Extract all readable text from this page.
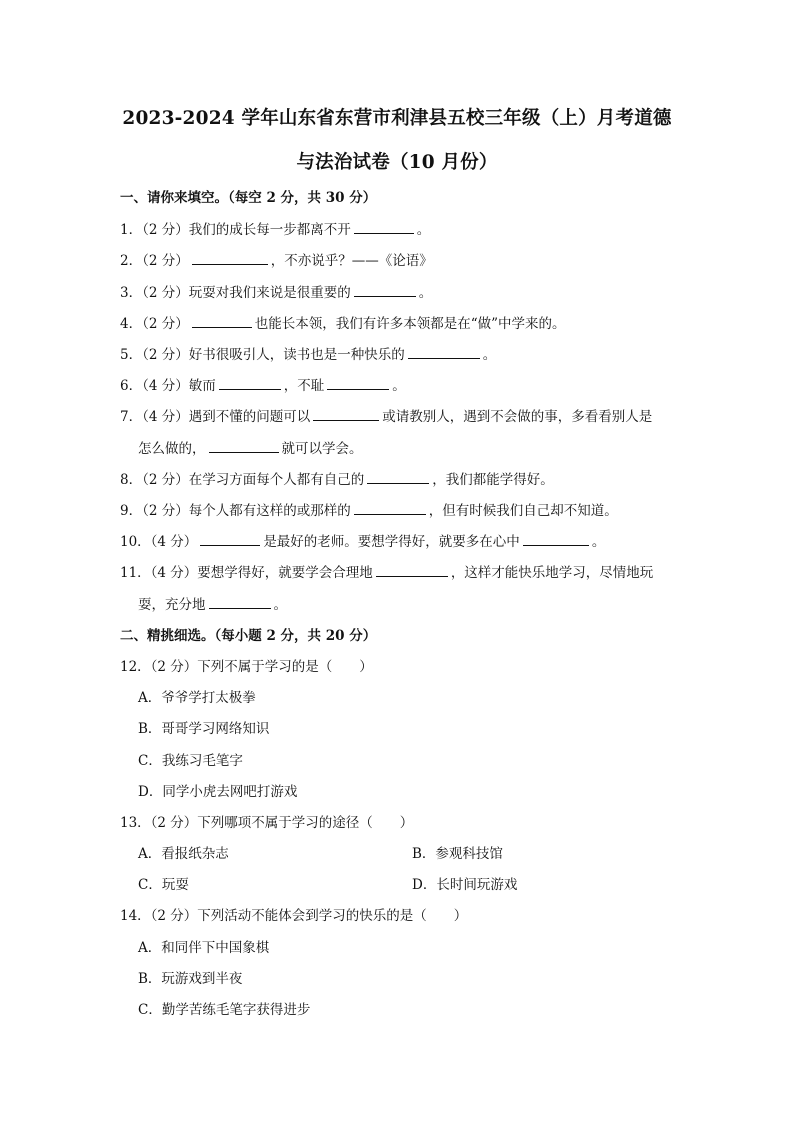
2023-2024 学年山东省东营市利津县五校三年级（上）月考道德
与法治试卷（10 月份）
一、请你来填空。（每空 2 分，共 30 分）
1．（2 分）我们的成长每一步都离不开	。
2．（2 分）	，不亦说乎？——《论语》
3．（2 分）玩耍对我们来说是很重要的	。
4．（2 分）	也能长本领，我们有许多本领都是在“做”中学来的。
5．（2 分）好书很吸引人，读书也是一种快乐的	。
6．（4 分）敏而	，不耻	。
7．（4 分）遇到不懂的问题可以	或请教别人，遇到不会做的事，多看看别人是
怎么做的，	就可以学会。
8．（2 分）在学习方面每个人都有自己的	，我们都能学得好。
9．（2 分）每个人都有这样的或那样的	，但有时候我们自己却不知道。
10．（4 分）	是最好的老师。要想学得好，就要多在心中	。
11．（4 分）要想学得好，就要学会合理地	，这样才能快乐地学习，尽情地玩
耍，充分地	。
二、精挑细选。（每小题 2 分，共 20 分）
12．（2 分）下列不属于学习的是（　　）
A．爷爷学打太极拳
B．哥哥学习网络知识
C．我练习毛笔字
D．同学小虎去网吧打游戏
13．（2 分）下列哪项不属于学习的途径（　　）
A．看报纸杂志	B．参观科技馆
C．玩耍	D．长时间玩游戏
14．（2 分）下列活动不能体会到学习的快乐的是（　　）
A．和同伴下中国象棋
B．玩游戏到半夜
C．勤学苦练毛笔字获得进步
